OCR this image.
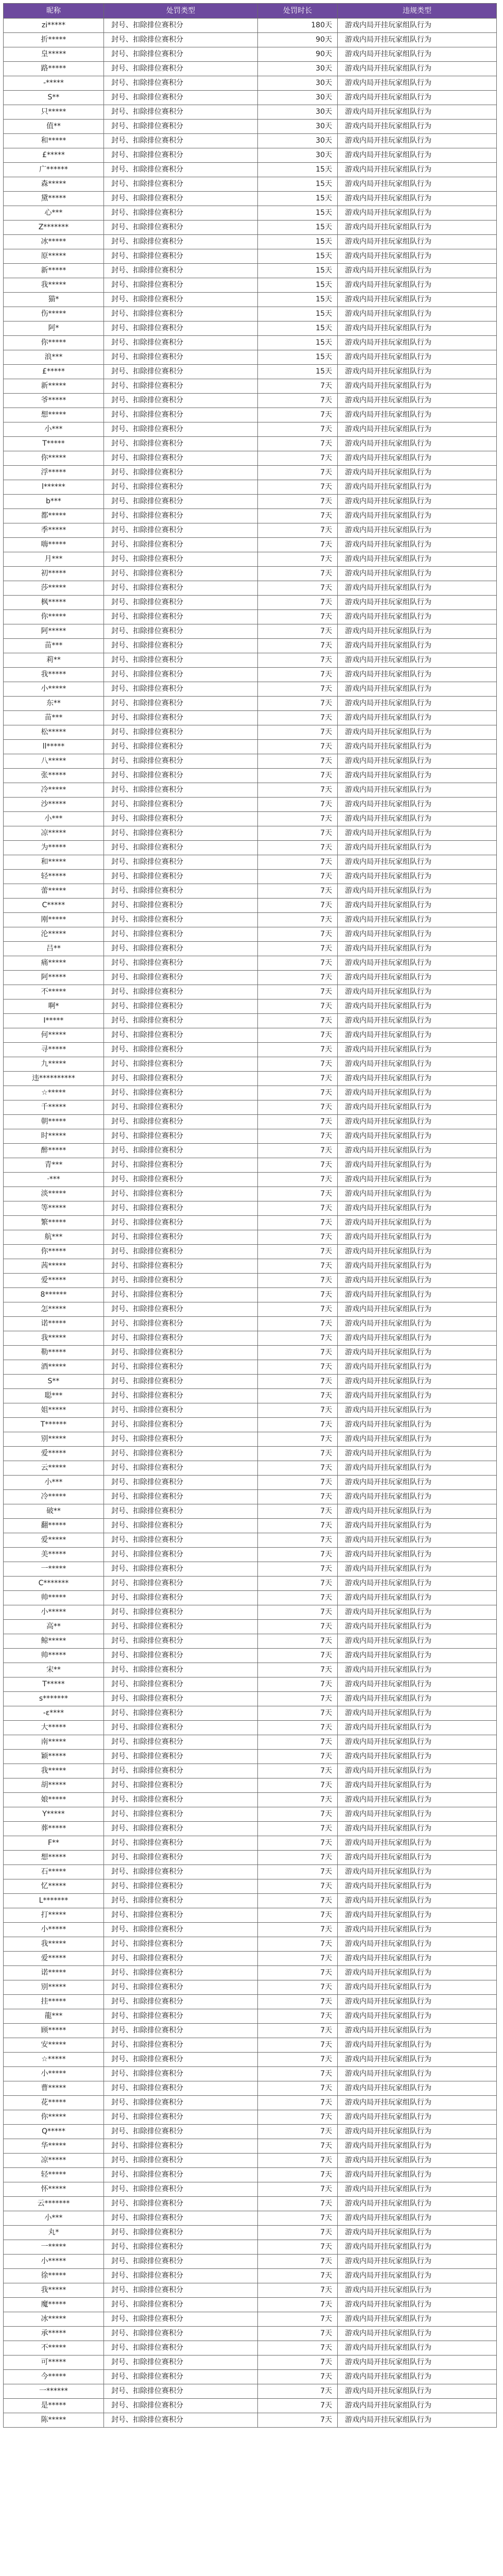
昵称	处罚类型	处罚时长	违规类型
zi*****	封号、扣除排位赛积分	180天	游戏内局开挂玩家组队行为
折*****	封号、扣除排位赛积分	90天	游戏内局开挂玩家组队行为
皇*****	封号、扣除排位赛积分	90天	游戏内局开挂玩家组队行为
路*****	封号、扣除排位赛积分	30天	游戏内局开挂玩家组队行为
-*****	封号、扣除排位赛积分	30天	游戏内局开挂玩家组队行为
S**	封号、扣除排位赛积分	30天	游戏内局开挂玩家组队行为
只*****	封号、扣除排位赛积分	30天	游戏内局开挂玩家组队行为
值**	封号、扣除排位赛积分	30天	游戏内局开挂玩家组队行为
和*****	封号、扣除排位赛积分	30天	游戏内局开挂玩家组队行为
£*****	封号、扣除排位赛积分	30天	游戏内局开挂玩家组队行为
广******	封号、扣除排位赛积分	15天	游戏内局开挂玩家组队行为
森*****	封号、扣除排位赛积分	15天	游戏内局开挂玩家组队行为
黛*****	封号、扣除排位赛积分	15天	游戏内局开挂玩家组队行为
心***	封号、扣除排位赛积分	15天	游戏内局开挂玩家组队行为
Z*******	封号、扣除排位赛积分	15天	游戏内局开挂玩家组队行为
冰*****	封号、扣除排位赛积分	15天	游戏内局开挂玩家组队行为
原*****	封号、扣除排位赛积分	15天	游戏内局开挂玩家组队行为
新*****	封号、扣除排位赛积分	15天	游戏内局开挂玩家组队行为
我*****	封号、扣除排位赛积分	15天	游戏内局开挂玩家组队行为
猫*	封号、扣除排位赛积分	15天	游戏内局开挂玩家组队行为
伤*****	封号、扣除排位赛积分	15天	游戏内局开挂玩家组队行为
阿*	封号、扣除排位赛积分	15天	游戏内局开挂玩家组队行为
你*****	封号、扣除排位赛积分	15天	游戏内局开挂玩家组队行为
浪***	封号、扣除排位赛积分	15天	游戏内局开挂玩家组队行为
£*****	封号、扣除排位赛积分	15天	游戏内局开挂玩家组队行为
新*****	封号、扣除排位赛积分	7天	游戏内局开挂玩家组队行为
爷*****	封号、扣除排位赛积分	7天	游戏内局开挂玩家组队行为
想*****	封号、扣除排位赛积分	7天	游戏内局开挂玩家组队行为
小***	封号、扣除排位赛积分	7天	游戏内局开挂玩家组队行为
T*****	封号、扣除排位赛积分	7天	游戏内局开挂玩家组队行为
你*****	封号、扣除排位赛积分	7天	游戏内局开挂玩家组队行为
浮*****	封号、扣除排位赛积分	7天	游戏内局开挂玩家组队行为
l******	封号、扣除排位赛积分	7天	游戏内局开挂玩家组队行为
b***	封号、扣除排位赛积分	7天	游戏内局开挂玩家组队行为
都*****	封号、扣除排位赛积分	7天	游戏内局开挂玩家组队行为
季*****	封号、扣除排位赛积分	7天	游戏内局开挂玩家组队行为
嗨*****	封号、扣除排位赛积分	7天	游戏内局开挂玩家组队行为
月***	封号、扣除排位赛积分	7天	游戏内局开挂玩家组队行为
初*****	封号、扣除排位赛积分	7天	游戏内局开挂玩家组队行为
莎*****	封号、扣除排位赛积分	7天	游戏内局开挂玩家组队行为
枫*****	封号、扣除排位赛积分	7天	游戏内局开挂玩家组队行为
你*****	封号、扣除排位赛积分	7天	游戏内局开挂玩家组队行为
阿*****	封号、扣除排位赛积分	7天	游戏内局开挂玩家组队行为
苗***	封号、扣除排位赛积分	7天	游戏内局开挂玩家组队行为
莉**	封号、扣除排位赛积分	7天	游戏内局开挂玩家组队行为
我*****	封号、扣除排位赛积分	7天	游戏内局开挂玩家组队行为
小*****	封号、扣除排位赛积分	7天	游戏内局开挂玩家组队行为
东**	封号、扣除排位赛积分	7天	游戏内局开挂玩家组队行为
苗***	封号、扣除排位赛积分	7天	游戏内局开挂玩家组队行为
松*****	封号、扣除排位赛积分	7天	游戏内局开挂玩家组队行为
ll*****	封号、扣除排位赛积分	7天	游戏内局开挂玩家组队行为
八*****	封号、扣除排位赛积分	7天	游戏内局开挂玩家组队行为
张*****	封号、扣除排位赛积分	7天	游戏内局开挂玩家组队行为
冷*****	封号、扣除排位赛积分	7天	游戏内局开挂玩家组队行为
沙*****	封号、扣除排位赛积分	7天	游戏内局开挂玩家组队行为
小***	封号、扣除排位赛积分	7天	游戏内局开挂玩家组队行为
凉*****	封号、扣除排位赛积分	7天	游戏内局开挂玩家组队行为
为*****	封号、扣除排位赛积分	7天	游戏内局开挂玩家组队行为
和*****	封号、扣除排位赛积分	7天	游戏内局开挂玩家组队行为
轻*****	封号、扣除排位赛积分	7天	游戏内局开挂玩家组队行为
蕾*****	封号、扣除排位赛积分	7天	游戏内局开挂玩家组队行为
C*****	封号、扣除排位赛积分	7天	游戏内局开挂玩家组队行为
刚*****	封号、扣除排位赛积分	7天	游戏内局开挂玩家组队行为
沦*****	封号、扣除排位赛积分	7天	游戏内局开挂玩家组队行为
吕**	封号、扣除排位赛积分	7天	游戏内局开挂玩家组队行为
痛*****	封号、扣除排位赛积分	7天	游戏内局开挂玩家组队行为
阿*****	封号、扣除排位赛积分	7天	游戏内局开挂玩家组队行为
不*****	封号、扣除排位赛积分	7天	游戏内局开挂玩家组队行为
啊*	封号、扣除排位赛积分	7天	游戏内局开挂玩家组队行为
I*****	封号、扣除排位赛积分	7天	游戏内局开挂玩家组队行为
何*****	封号、扣除排位赛积分	7天	游戏内局开挂玩家组队行为
寻*****	封号、扣除排位赛积分	7天	游戏内局开挂玩家组队行为
九*****	封号、扣除排位赛积分	7天	游戏内局开挂玩家组队行为
违**********	封号、扣除排位赛积分	7天	游戏内局开挂玩家组队行为
☆*****	封号、扣除排位赛积分	7天	游戏内局开挂玩家组队行为
千*****	封号、扣除排位赛积分	7天	游戏内局开挂玩家组队行为
朝*****	封号、扣除排位赛积分	7天	游戏内局开挂玩家组队行为
时*****	封号、扣除排位赛积分	7天	游戏内局开挂玩家组队行为
醉*****	封号、扣除排位赛积分	7天	游戏内局开挂玩家组队行为
青***	封号、扣除排位赛积分	7天	游戏内局开挂玩家组队行为
·***	封号、扣除排位赛积分	7天	游戏内局开挂玩家组队行为
淡*****	封号、扣除排位赛积分	7天	游戏内局开挂玩家组队行为
等*****	封号、扣除排位赛积分	7天	游戏内局开挂玩家组队行为
繁*****	封号、扣除排位赛积分	7天	游戏内局开挂玩家组队行为
航***	封号、扣除排位赛积分	7天	游戏内局开挂玩家组队行为
你*****	封号、扣除排位赛积分	7天	游戏内局开挂玩家组队行为
茜*****	封号、扣除排位赛积分	7天	游戏内局开挂玩家组队行为
爱*****	封号、扣除排位赛积分	7天	游戏内局开挂玩家组队行为
8******	封号、扣除排位赛积分	7天	游戏内局开挂玩家组队行为
怎*****	封号、扣除排位赛积分	7天	游戏内局开挂玩家组队行为
诺*****	封号、扣除排位赛积分	7天	游戏内局开挂玩家组队行为
我*****	封号、扣除排位赛积分	7天	游戏内局开挂玩家组队行为
勒*****	封号、扣除排位赛积分	7天	游戏内局开挂玩家组队行为
酒*****	封号、扣除排位赛积分	7天	游戏内局开挂玩家组队行为
S**	封号、扣除排位赛积分	7天	游戏内局开挂玩家组队行为
聪***	封号、扣除排位赛积分	7天	游戏内局开挂玩家组队行为
姐*****	封号、扣除排位赛积分	7天	游戏内局开挂玩家组队行为
T******	封号、扣除排位赛积分	7天	游戏内局开挂玩家组队行为
别*****	封号、扣除排位赛积分	7天	游戏内局开挂玩家组队行为
爱*****	封号、扣除排位赛积分	7天	游戏内局开挂玩家组队行为
云*****	封号、扣除排位赛积分	7天	游戏内局开挂玩家组队行为
小***	封号、扣除排位赛积分	7天	游戏内局开挂玩家组队行为
冷*****	封号、扣除排位赛积分	7天	游戏内局开挂玩家组队行为
破**	封号、扣除排位赛积分	7天	游戏内局开挂玩家组队行为
翻*****	封号、扣除排位赛积分	7天	游戏内局开挂玩家组队行为
爱*****	封号、扣除排位赛积分	7天	游戏内局开挂玩家组队行为
美*****	封号、扣除排位赛积分	7天	游戏内局开挂玩家组队行为
一*****	封号、扣除排位赛积分	7天	游戏内局开挂玩家组队行为
C*******	封号、扣除排位赛积分	7天	游戏内局开挂玩家组队行为
帅*****	封号、扣除排位赛积分	7天	游戏内局开挂玩家组队行为
小*****	封号、扣除排位赛积分	7天	游戏内局开挂玩家组队行为
高**	封号、扣除排位赛积分	7天	游戏内局开挂玩家组队行为
鲸*****	封号、扣除排位赛积分	7天	游戏内局开挂玩家组队行为
帅*****	封号、扣除排位赛积分	7天	游戏内局开挂玩家组队行为
宋**	封号、扣除排位赛积分	7天	游戏内局开挂玩家组队行为
T*****	封号、扣除排位赛积分	7天	游戏内局开挂玩家组队行为
s*******	封号、扣除排位赛积分	7天	游戏内局开挂玩家组队行为
-ε****	封号、扣除排位赛积分	7天	游戏内局开挂玩家组队行为
大*****	封号、扣除排位赛积分	7天	游戏内局开挂玩家组队行为
南*****	封号、扣除排位赛积分	7天	游戏内局开挂玩家组队行为
颖*****	封号、扣除排位赛积分	7天	游戏内局开挂玩家组队行为
我*****	封号、扣除排位赛积分	7天	游戏内局开挂玩家组队行为
胡*****	封号、扣除排位赛积分	7天	游戏内局开挂玩家组队行为
娘*****	封号、扣除排位赛积分	7天	游戏内局开挂玩家组队行为
Y*****	封号、扣除排位赛积分	7天	游戏内局开挂玩家组队行为
葬*****	封号、扣除排位赛积分	7天	游戏内局开挂玩家组队行为
F**	封号、扣除排位赛积分	7天	游戏内局开挂玩家组队行为
想*****	封号、扣除排位赛积分	7天	游戏内局开挂玩家组队行为
石*****	封号、扣除排位赛积分	7天	游戏内局开挂玩家组队行为
忆*****	封号、扣除排位赛积分	7天	游戏内局开挂玩家组队行为
L*******	封号、扣除排位赛积分	7天	游戏内局开挂玩家组队行为
打*****	封号、扣除排位赛积分	7天	游戏内局开挂玩家组队行为
小*****	封号、扣除排位赛积分	7天	游戏内局开挂玩家组队行为
我*****	封号、扣除排位赛积分	7天	游戏内局开挂玩家组队行为
爱*****	封号、扣除排位赛积分	7天	游戏内局开挂玩家组队行为
诺*****	封号、扣除排位赛积分	7天	游戏内局开挂玩家组队行为
别*****	封号、扣除排位赛积分	7天	游戏内局开挂玩家组队行为
挂*****	封号、扣除排位赛积分	7天	游戏内局开挂玩家组队行为
龍***	封号、扣除排位赛积分	7天	游戏内局开挂玩家组队行为
顾*****	封号、扣除排位赛积分	7天	游戏内局开挂玩家组队行为
安*****	封号、扣除排位赛积分	7天	游戏内局开挂玩家组队行为
☆*****	封号、扣除排位赛积分	7天	游戏内局开挂玩家组队行为
小*****	封号、扣除排位赛积分	7天	游戏内局开挂玩家组队行为
曹*****	封号、扣除排位赛积分	7天	游戏内局开挂玩家组队行为
花*****	封号、扣除排位赛积分	7天	游戏内局开挂玩家组队行为
你*****	封号、扣除排位赛积分	7天	游戏内局开挂玩家组队行为
Q*****	封号、扣除排位赛积分	7天	游戏内局开挂玩家组队行为
华*****	封号、扣除排位赛积分	7天	游戏内局开挂玩家组队行为
凉*****	封号、扣除排位赛积分	7天	游戏内局开挂玩家组队行为
轻*****	封号、扣除排位赛积分	7天	游戏内局开挂玩家组队行为
怀*****	封号、扣除排位赛积分	7天	游戏内局开挂玩家组队行为
云*******	封号、扣除排位赛积分	7天	游戏内局开挂玩家组队行为
小***	封号、扣除排位赛积分	7天	游戏内局开挂玩家组队行为
丸*	封号、扣除排位赛积分	7天	游戏内局开挂玩家组队行为
一*****	封号、扣除排位赛积分	7天	游戏内局开挂玩家组队行为
小*****	封号、扣除排位赛积分	7天	游戏内局开挂玩家组队行为
徐*****	封号、扣除排位赛积分	7天	游戏内局开挂玩家组队行为
我*****	封号、扣除排位赛积分	7天	游戏内局开挂玩家组队行为
魔*****	封号、扣除排位赛积分	7天	游戏内局开挂玩家组队行为
冰*****	封号、扣除排位赛积分	7天	游戏内局开挂玩家组队行为
承*****	封号、扣除排位赛积分	7天	游戏内局开挂玩家组队行为
不*****	封号、扣除排位赛积分	7天	游戏内局开挂玩家组队行为
可*****	封号、扣除排位赛积分	7天	游戏内局开挂玩家组队行为
今*****	封号、扣除排位赛积分	7天	游戏内局开挂玩家组队行为
一******	封号、扣除排位赛积分	7天	游戏内局开挂玩家组队行为
是*****	封号、扣除排位赛积分	7天	游戏内局开挂玩家组队行为
陈*****	封号、扣除排位赛积分	7天	游戏内局开挂玩家组队行为
